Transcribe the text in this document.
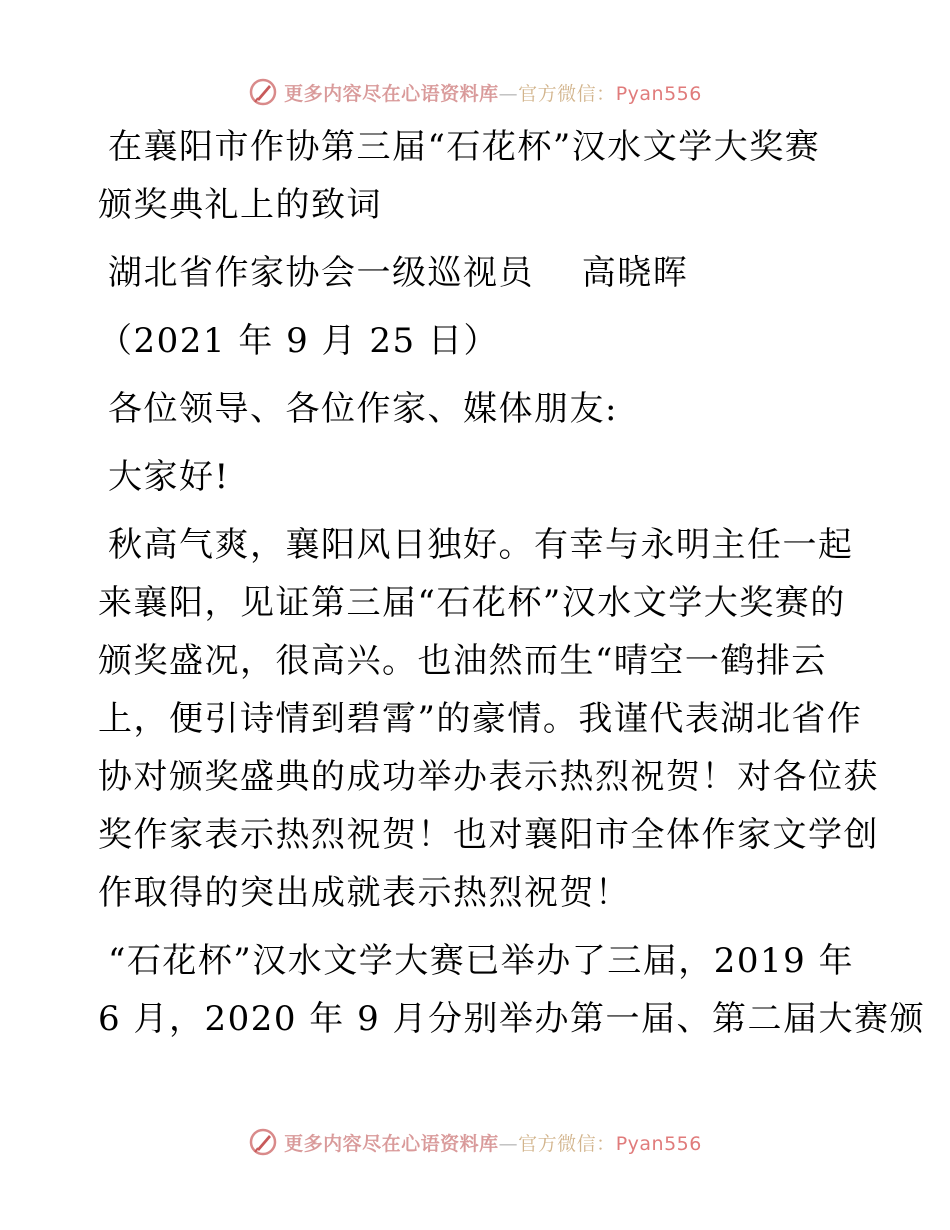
更多内容尽在心语资料库—官方微信：Pyan556
在襄阳市作协第三届“石花杯”汉水文学大奖赛
颁奖典礼上的致词
湖北省作家协会一级巡视员　 高晓晖
（2021 年 9 月 25 日）
各位领导、各位作家、媒体朋友:
大家好!
秋高气爽，襄阳风日独好。有幸与永明主任一起
来襄阳，见证第三届“石花杯”汉水文学大奖赛的
颁奖盛况，很高兴。也油然而生“晴空一鹤排云
上，便引诗情到碧霄”的豪情。我谨代表湖北省作
协对颁奖盛典的成功举办表示热烈祝贺！对各位获
奖作家表示热烈祝贺！也对襄阳市全体作家文学创
作取得的突出成就表示热烈祝贺！
“石花杯”汉水文学大赛已举办了三届，2019 年
6 月，2020 年 9 月分别举办第一届、第二届大赛颁
更多内容尽在心语资料库—官方微信：Pyan556
